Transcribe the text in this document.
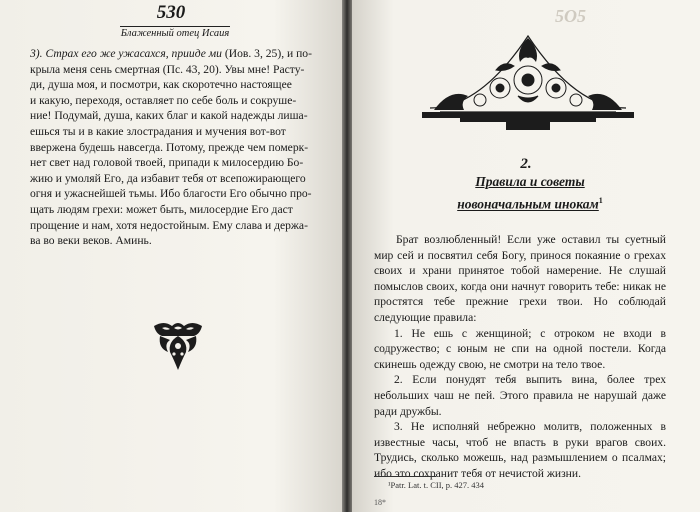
530
Блаженный отец Исаия

3). Страх его же ужасахся, прииде ми (Иов. 3, 25), и по-
крыла меня сень смертная (Пс. 43, 20). Увы мне! Расту-
ди, душа моя, и посмотри, как скоротечно настоящее
и какую, переходя, оставляет по себе боль и сокруше-
ние! Подумай, душа, каких благ и какой надежды лиша-
ешься ты и в какие злострадания и мучения вот-вот
ввержена будешь навсегда. Потому, прежде чем померк-
нет свет над головой твоей, припади к милосердию Бо-
жию и умоляй Его, да избавит тебя от всепожирающего
огня и ужаснейшей тьмы. Ибо благости Его обычно про-
щать людям грехи: может быть, милосердие Его даст
прощение и нам, хотя недостойным. Ему слава и держа-
ва во веки веков. Аминь.

5О5
2.
Правила и советы
новоначальным инокам$^1$

Брат возлюбленный! Если уже оставил ты суетный мир сей и посвятил себя Богу, принося покаяние о грехах своих и храни принятое тобой намерение. Не слушай помыслов своих, когда они начнут говорить тебе: никак не простятся тебе прежние грехи твои. Но соблюдай следующие правила:

1. Не ешь с женщиной; с отроком не входи в содружество; с юным не спи на одной постели. Когда скинешь одежду свою, не смотри на тело твое.

2. Если понудят тебя выпить вина, более трех небольших чаш не пей. Этого правила не нарушай даже ради дружбы.

3. Не исполняй небрежно молитв, положенных в известные часы, чтоб не впасть в руки врагов своих. Трудись, сколько можешь, над размышлением о псалмах; ибо это сохранит тебя от нечистой жизни.

¹Patr. Lat. t. CII, p. 427. 434
18*
